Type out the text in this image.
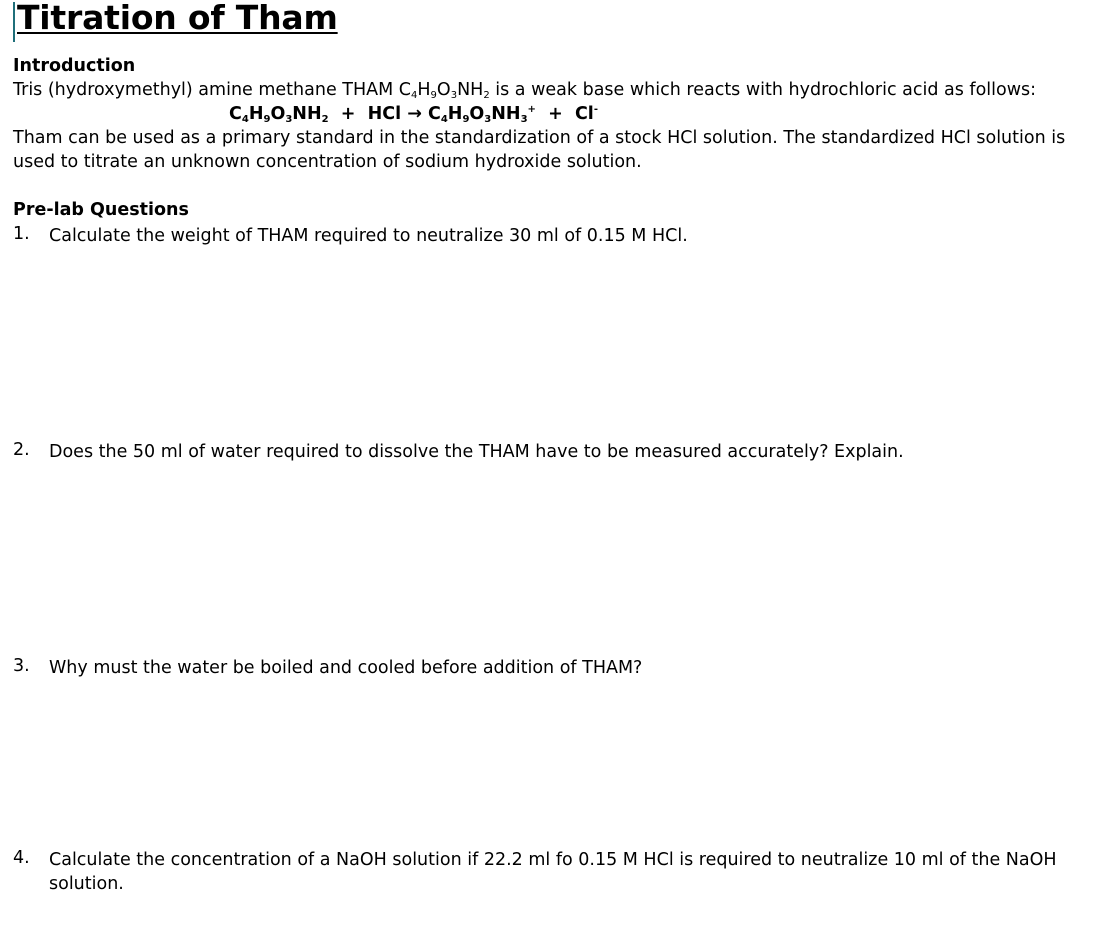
Titration of Tham
Introduction
Tris (hydroxymethyl) amine methane THAM $C_4H_9O_3NH_2$ is a weak base which reacts with hydrochloric acid as follows:
$C_4H_9O_3NH_2$ + HCl → $C_4H_9O_3NH_3^+ + Cl^-$
Tham can be used as a primary standard in the standardization of a stock HCl solution. The standardized HCl solution is
used to titrate an unknown concentration of sodium hydroxide solution.
Pre-lab Questions
1. Calculate the weight of THAM required to neutralize 30 ml of 0.15 M HCl.
2. Does the 50 ml of water required to dissolve the THAM have to be measured accurately? Explain.
3. Why must the water be boiled and cooled before addition of THAM?
4. Calculate the concentration of a NaOH solution if 22.2 ml fo 0.15 M HCl is required to neutralize 10 ml of the NaOH solution.
